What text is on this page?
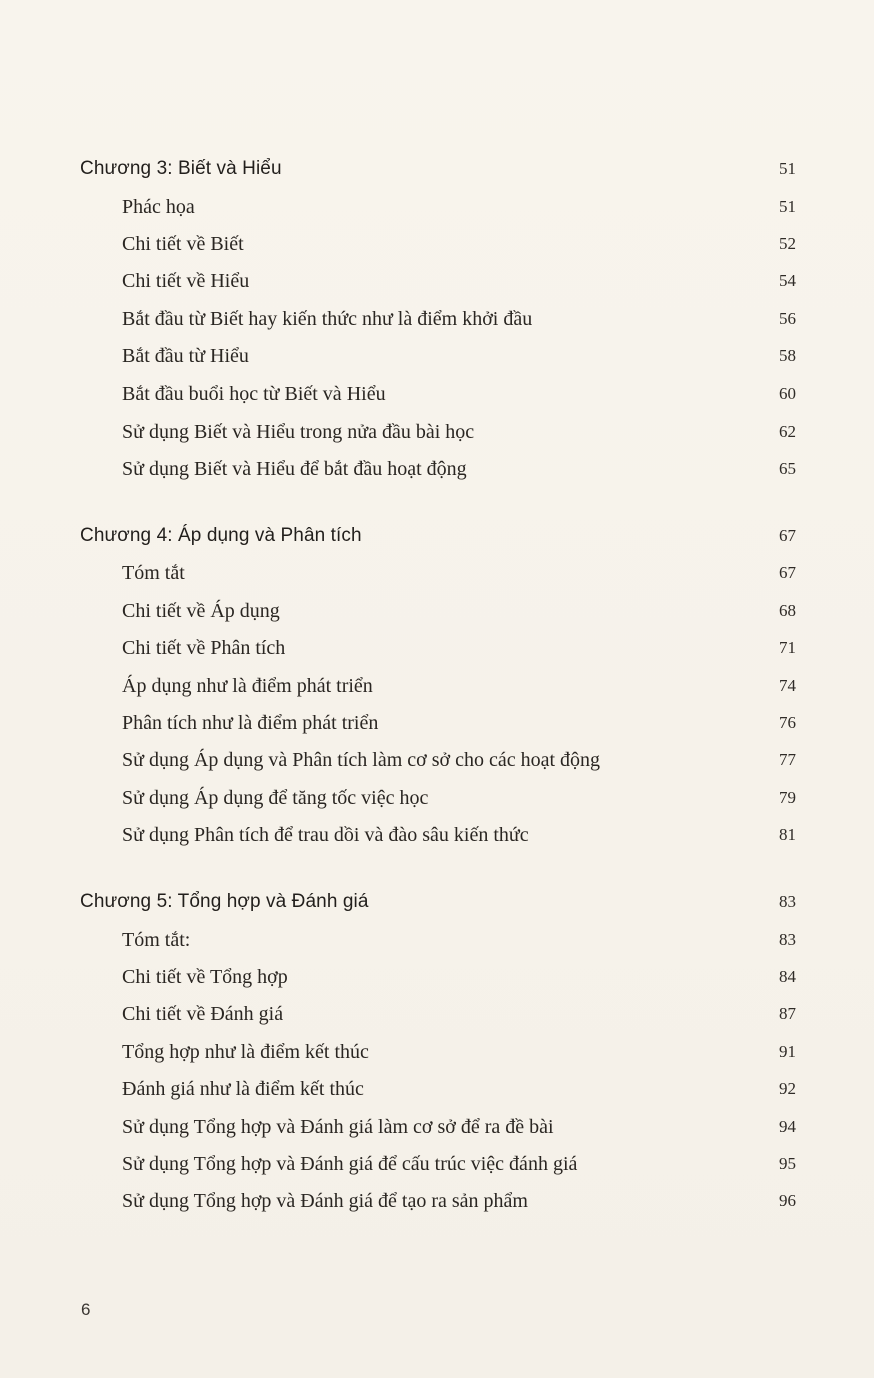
Chương 3: Biết và Hiểu	51
Phác họa	51
Chi tiết về Biết	52
Chi tiết về Hiểu	54
Bắt đầu từ Biết hay kiến thức như là điểm khởi đầu	56
Bắt đầu từ Hiểu	58
Bắt đầu buổi học từ Biết và Hiểu	60
Sử dụng Biết và Hiểu trong nửa đầu bài học	62
Sử dụng Biết và Hiểu để bắt đầu hoạt động	65
Chương 4: Áp dụng và Phân tích	67
Tóm tắt	67
Chi tiết về Áp dụng	68
Chi tiết về Phân tích	71
Áp dụng như là điểm phát triển	74
Phân tích như là điểm phát triển	76
Sử dụng Áp dụng và Phân tích làm cơ sở cho các hoạt động	77
Sử dụng Áp dụng để tăng tốc việc học	79
Sử dụng Phân tích để trau dồi và đào sâu kiến thức	81
Chương 5: Tổng hợp và Đánh giá	83
Tóm tắt:	83
Chi tiết về Tổng hợp	84
Chi tiết về Đánh giá	87
Tổng hợp như là điểm kết thúc	91
Đánh giá như là điểm kết thúc	92
Sử dụng Tổng hợp và Đánh giá làm cơ sở để ra đề bài	94
Sử dụng Tổng hợp và Đánh giá để cấu trúc việc đánh giá	95
Sử dụng Tổng hợp và Đánh giá để tạo ra sản phẩm	96
6
